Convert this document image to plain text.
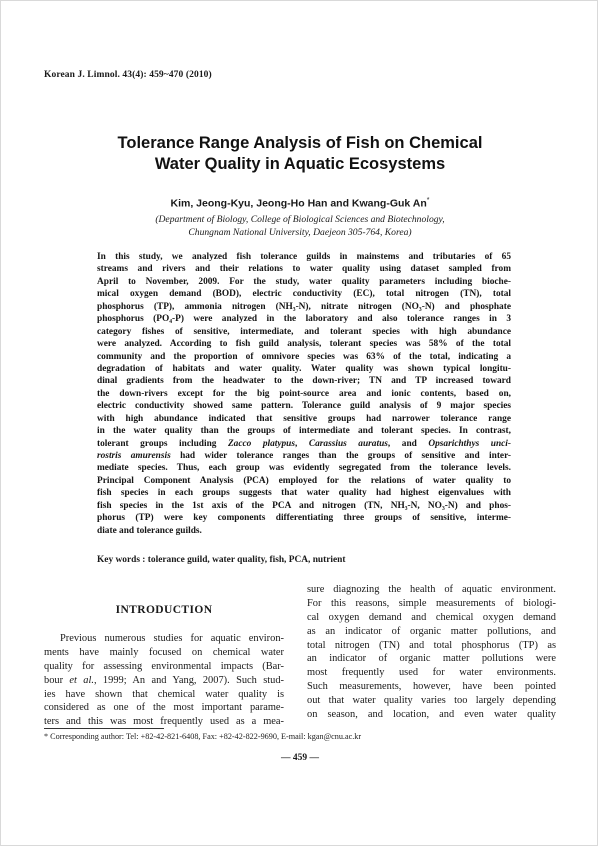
Korean J. Limnol. 43(4): 459~470 (2010)
Tolerance Range Analysis of Fish on Chemical
Water Quality in Aquatic Ecosystems
Kim, Jeong-Kyu, Jeong-Ho Han and Kwang-Guk An*
(Department of Biology, College of Biological Sciences and Biotechnology,
Chungnam National University, Daejeon 305-764, Korea)
In this study, we analyzed fish tolerance guilds in mainstems and tributaries of 65
streams and rivers and their relations to water quality using dataset sampled from
April to November, 2009. For the study, water quality parameters including bioche-
mical oxygen demand (BOD), electric conductivity (EC), total nitrogen (TN), total
phosphorus (TP), ammonia nitrogen (NH₃-N), nitrate nitrogen (NO₃-N) and phosphate
phosphorus (PO₄-P) were analyzed in the laboratory and also tolerance ranges in 3
category fishes of sensitive, intermediate, and tolerant species with high abundance
were analyzed. According to fish guild analysis, tolerant species was 58% of the total
community and the proportion of omnivore species was 63% of the total, indicating a
degradation of habitats and water quality. Water quality was shown typical longitu-
dinal gradients from the headwater to the down-river; TN and TP increased toward
the down-rivers except for the big point-source area and ionic contents, based on,
electric conductivity showed same pattern. Tolerance guild analysis of 9 major species
with high abundance indicated that sensitive groups had narrower tolerance range
in the water quality than the groups of intermediate and tolerant species. In contrast,
tolerant groups including Zacco platypus, Carassius auratus, and Opsarichthys unci-
rostris amurensis had wider tolerance ranges than the groups of sensitive and inter-
mediate species. Thus, each group was evidently segregated from the tolerance levels.
Principal Component Analysis (PCA) employed for the relations of water quality to
fish species in each groups suggests that water quality had highest eigenvalues with
fish species in the 1st axis of the PCA and nitrogen (TN, NH₃-N, NO₃-N) and phos-
phorus (TP) were key components differentiating three groups of sensitive, interme-
diate and tolerance guilds.
Key words : tolerance guild, water quality, fish, PCA, nutrient
INTRODUCTION
Previous numerous studies for aquatic environ-
ments have mainly focused on chemical water
quality for assessing environmental impacts (Bar-
bour et al., 1999; An and Yang, 2007). Such stud-
ies have shown that chemical water quality is
considered as one of the most important parame-
ters and this was most frequently used as a mea-
sure diagnozing the health of aquatic environment.
For this reasons, simple measurements of biologi-
cal oxygen demand and chemical oxygen demand
as an indicator of organic matter pollutions, and
total nitrogen (TN) and total phosphorus (TP) as
an indicator of organic matter pollutions were
most frequently used for water environments.
Such measurements, however, have been pointed
out that water quality varies too largely depending
on season, and location, and even water quality
* Corresponding author: Tel: +82-42-821-6408, Fax: +82-42-822-9690, E-mail: kgan@cnu.ac.kr
— 459 —
